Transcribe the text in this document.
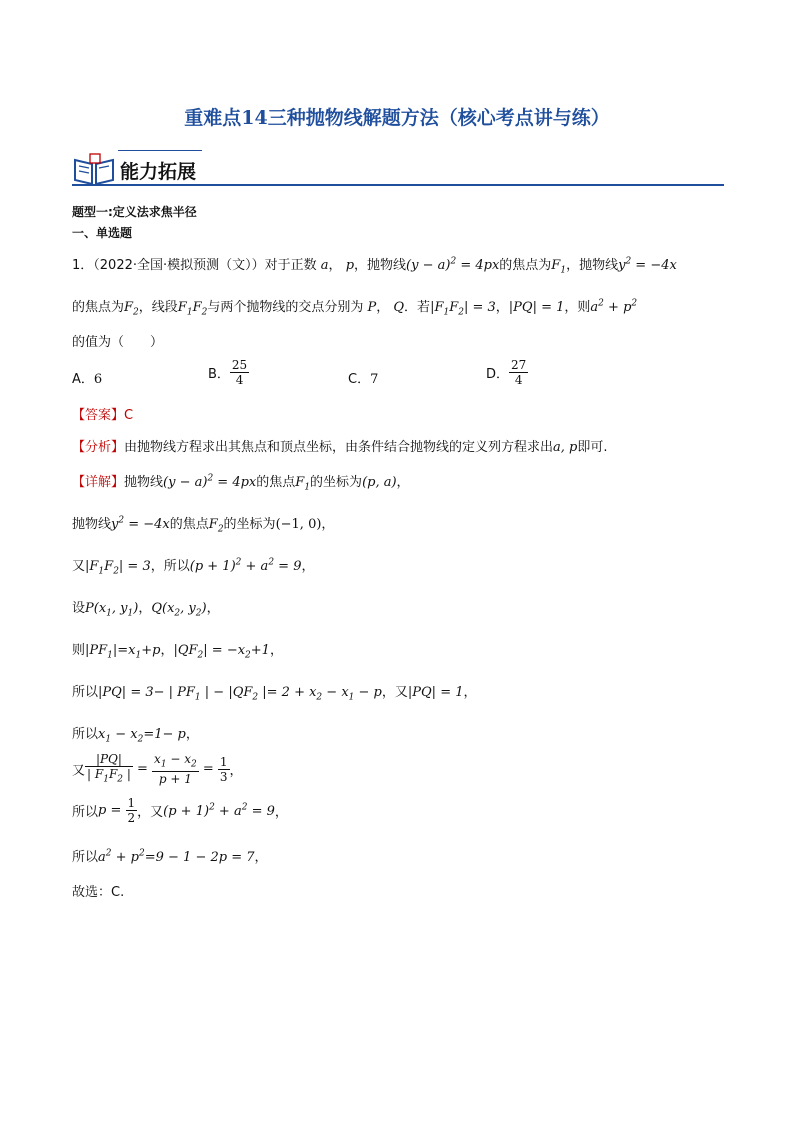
重难点14三种抛物线解题方法（核心考点讲与练）
能力拓展
题型一:定义法求焦半径
一、单选题
1．（2022·全国·模拟预测（文））对于正数 a， p，抛物线$(y - a)^2 = 4px$的焦点为$F_1$，抛物线$y^2 = -4x$
的焦点为$F_2$，线段$F_1F_2$与两个抛物线的交点分别为 P， Q．若$|F_1F_2| = 3$，|PQ| = 1，则$a^2 + p^2$
的值为（　　）
A．6	B． $\frac{25}{4}$	C．7	D． $\frac{27}{4}$
【答案】C
【分析】由抛物线方程求出其焦点和顶点坐标，由条件结合抛物线的定义列方程求出a, p即可.
【详解】抛物线$(y - a)^2 = 4px$的焦点$F_1$的坐标为(p, a)，
抛物线$y^2 = -4x$的焦点$F_2$的坐标为(−1, 0)，
又$|F_1F_2| = 3$，所以$(p + 1)^2 + a^2 = 9$，
设$P(x_1$, $y_1$)，$Q(x_2$, $y_2$)，
则$|PF_1|=x_1+p$，$|QF_2| = -x_2+1$，
所以|PQ| = 3− | $PF_1$ | − $|QF_2$ |= $2 + x_2 - x_1 - p$，又|PQ| = 1，
所以$x_1 - x_2=1- p$，
又 $\frac{|PQ|}{| F_1F_2 |} = \frac{x_1 - x_2}{p + 1} = \frac{1}{3}$ ，
所以$p = \frac{1}{2}$ ，又$(p + 1)^2 + a^2 = 9$，
所以$a^2 + p^2=9 - 1 - 2p = 7$，
故选：C.
